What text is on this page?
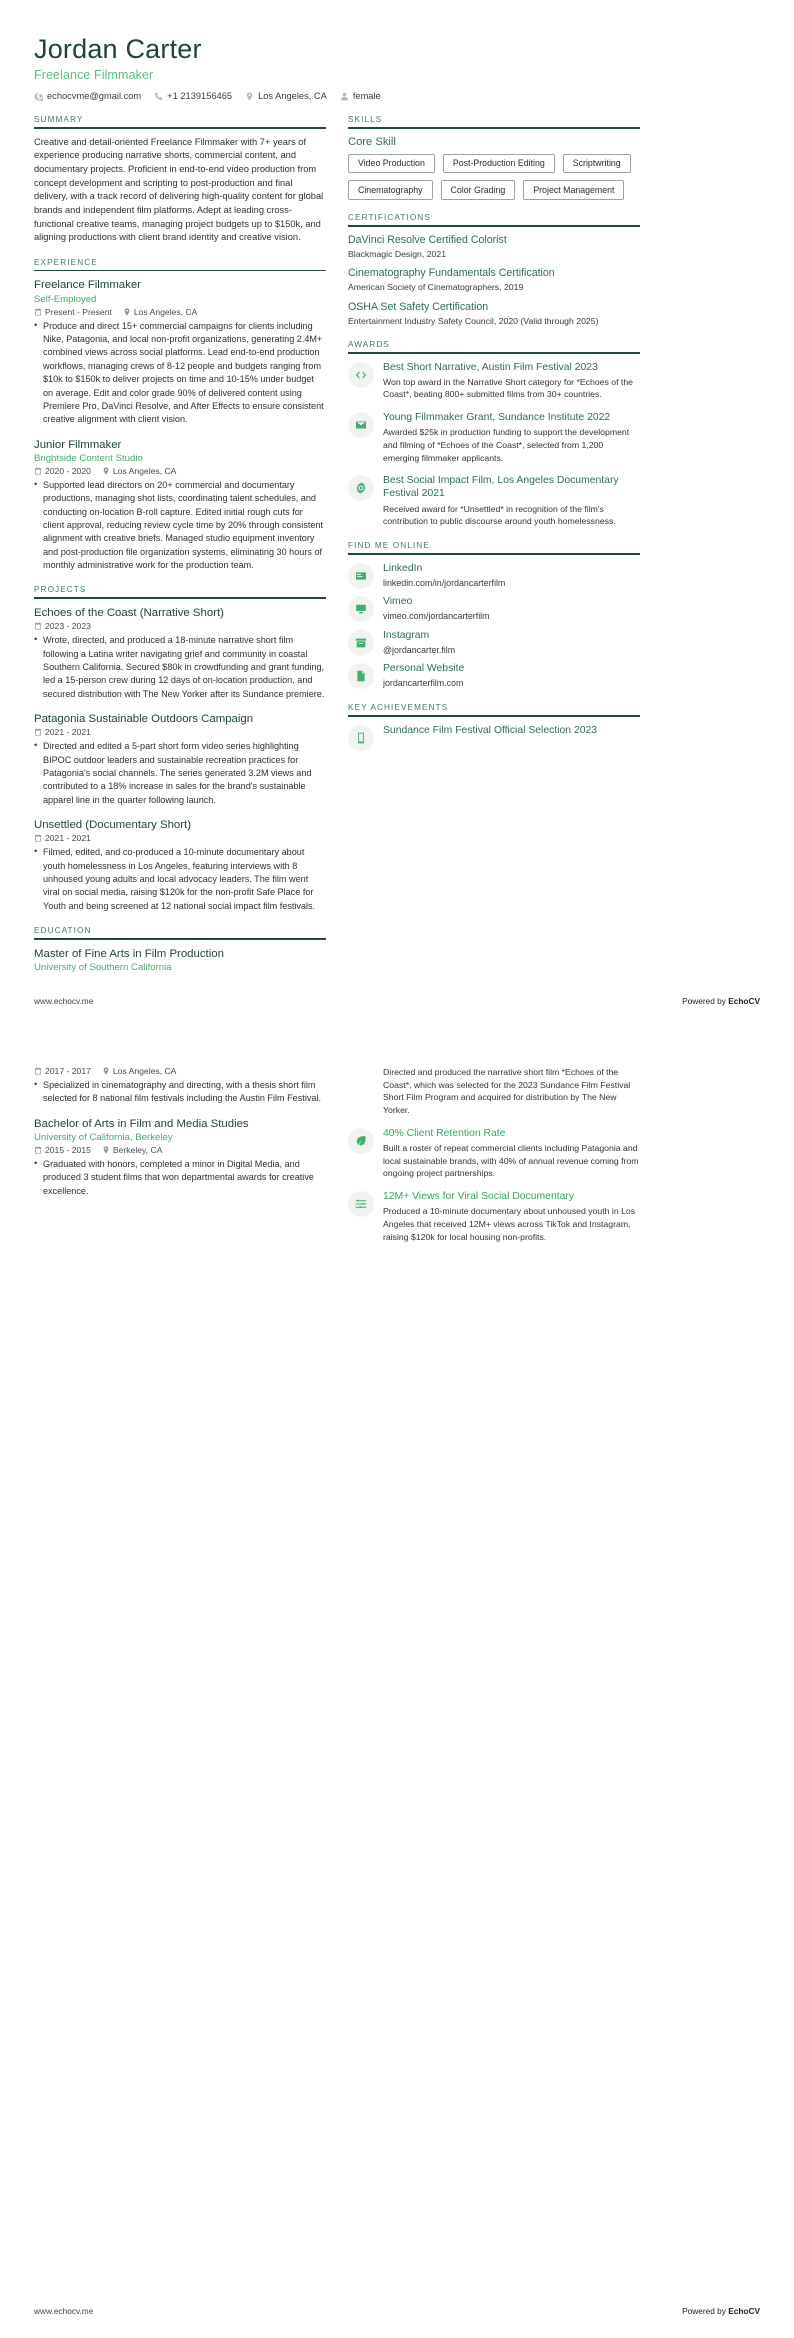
Jordan Carter
Freelance Filmmaker
echocvme@gmail.com	+1 2139156465	Los Angeles, CA	female
SUMMARY
Creative and detail-oriented Freelance Filmmaker with 7+ years of experience producing narrative shorts, commercial content, and documentary projects. Proficient in end-to-end video production from concept development and scripting to post-production and final delivery, with a track record of delivering high-quality content for global brands and independent film platforms. Adept at leading cross-functional creative teams, managing project budgets up to $150k, and aligning productions with client brand identity and creative vision.
EXPERIENCE
Freelance Filmmaker
Self-Employed
Present - Present	Los Angeles, CA
• Produce and direct 15+ commercial campaigns for clients including Nike, Patagonia, and local non-profit organizations, generating 2.4M+ combined views across social platforms. Lead end-to-end production workflows, managing crews of 8-12 people and budgets ranging from $10k to $150k to deliver projects on time and 10-15% under budget on average. Edit and color grade 90% of delivered content using Premiere Pro, DaVinci Resolve, and After Effects to ensure consistent creative alignment with client vision.
Junior Filmmaker
Brightside Content Studio
2020 - 2020	Los Angeles, CA
• Supported lead directors on 20+ commercial and documentary productions, managing shot lists, coordinating talent schedules, and conducting on-location B-roll capture. Edited initial rough cuts for client approval, reducing review cycle time by 20% through consistent alignment with creative briefs. Managed studio equipment inventory and post-production file organization systems, eliminating 30 hours of monthly administrative work for the production team.
PROJECTS
Echoes of the Coast (Narrative Short)
2023 - 2023
• Wrote, directed, and produced a 18-minute narrative short film following a Latina writer navigating grief and community in coastal Southern California. Secured $80k in crowdfunding and grant funding, led a 15-person crew during 12 days of on-location production, and secured distribution with The New Yorker after its Sundance premiere.
Patagonia Sustainable Outdoors Campaign
2021 - 2021
• Directed and edited a 5-part short form video series highlighting BIPOC outdoor leaders and sustainable recreation practices for Patagonia's social channels. The series generated 3.2M views and contributed to a 18% increase in sales for the brand's sustainable apparel line in the quarter following launch.
Unsettled (Documentary Short)
2021 - 2021
• Filmed, edited, and co-produced a 10-minute documentary about youth homelessness in Los Angeles, featuring interviews with 8 unhoused young adults and local advocacy leaders. The film went viral on social media, raising $120k for the non-profit Safe Place for Youth and being screened at 12 national social impact film festivals.
EDUCATION
Master of Fine Arts in Film Production
University of Southern California
SKILLS
Core Skill
Video Production	Post-Production Editing	Scriptwriting
Cinematography	Color Grading	Project Management
CERTIFICATIONS
DaVinci Resolve Certified Colorist
Blackmagic Design, 2021
Cinematography Fundamentals Certification
American Society of Cinematographers, 2019
OSHA Set Safety Certification
Entertainment Industry Safety Council, 2020 (Valid through 2025)
AWARDS
Best Short Narrative, Austin Film Festival 2023
Won top award in the Narrative Short category for *Echoes of the Coast*, beating 800+ submitted films from 30+ countries.
Young Filmmaker Grant, Sundance Institute 2022
Awarded $25k in production funding to support the development and filming of *Echoes of the Coast*, selected from 1,200 emerging filmmaker applicants.
Best Social Impact Film, Los Angeles Documentary Festival 2021
Received award for *Unsettled* in recognition of the film's contribution to public discourse around youth homelessness.
FIND ME ONLINE
LinkedIn
linkedin.com/in/jordancarterfilm
Vimeo
vimeo.com/jordancarterfilm
Instagram
@jordancarter.film
Personal Website
jordancarterfilm.com
KEY ACHIEVEMENTS
Sundance Film Festival Official Selection 2023
www.echocv.me	Powered by EchoCV
2017 - 2017	Los Angeles, CA
• Specialized in cinematography and directing, with a thesis short film selected for 8 national film festivals including the Austin Film Festival.
Bachelor of Arts in Film and Media Studies
University of California, Berkeley
2015 - 2015	Berkeley, CA
• Graduated with honors, completed a minor in Digital Media, and produced 3 student films that won departmental awards for creative excellence.
Directed and produced the narrative short film *Echoes of the Coast*, which was selected for the 2023 Sundance Film Festival Short Film Program and acquired for distribution by The New Yorker.
40% Client Retention Rate
Built a roster of repeat commercial clients including Patagonia and local sustainable brands, with 40% of annual revenue coming from ongoing project partnerships.
12M+ Views for Viral Social Documentary
Produced a 10-minute documentary about unhoused youth in Los Angeles that received 12M+ views across TikTok and Instagram, raising $120k for local housing non-profits.
www.echocv.me	Powered by EchoCV
